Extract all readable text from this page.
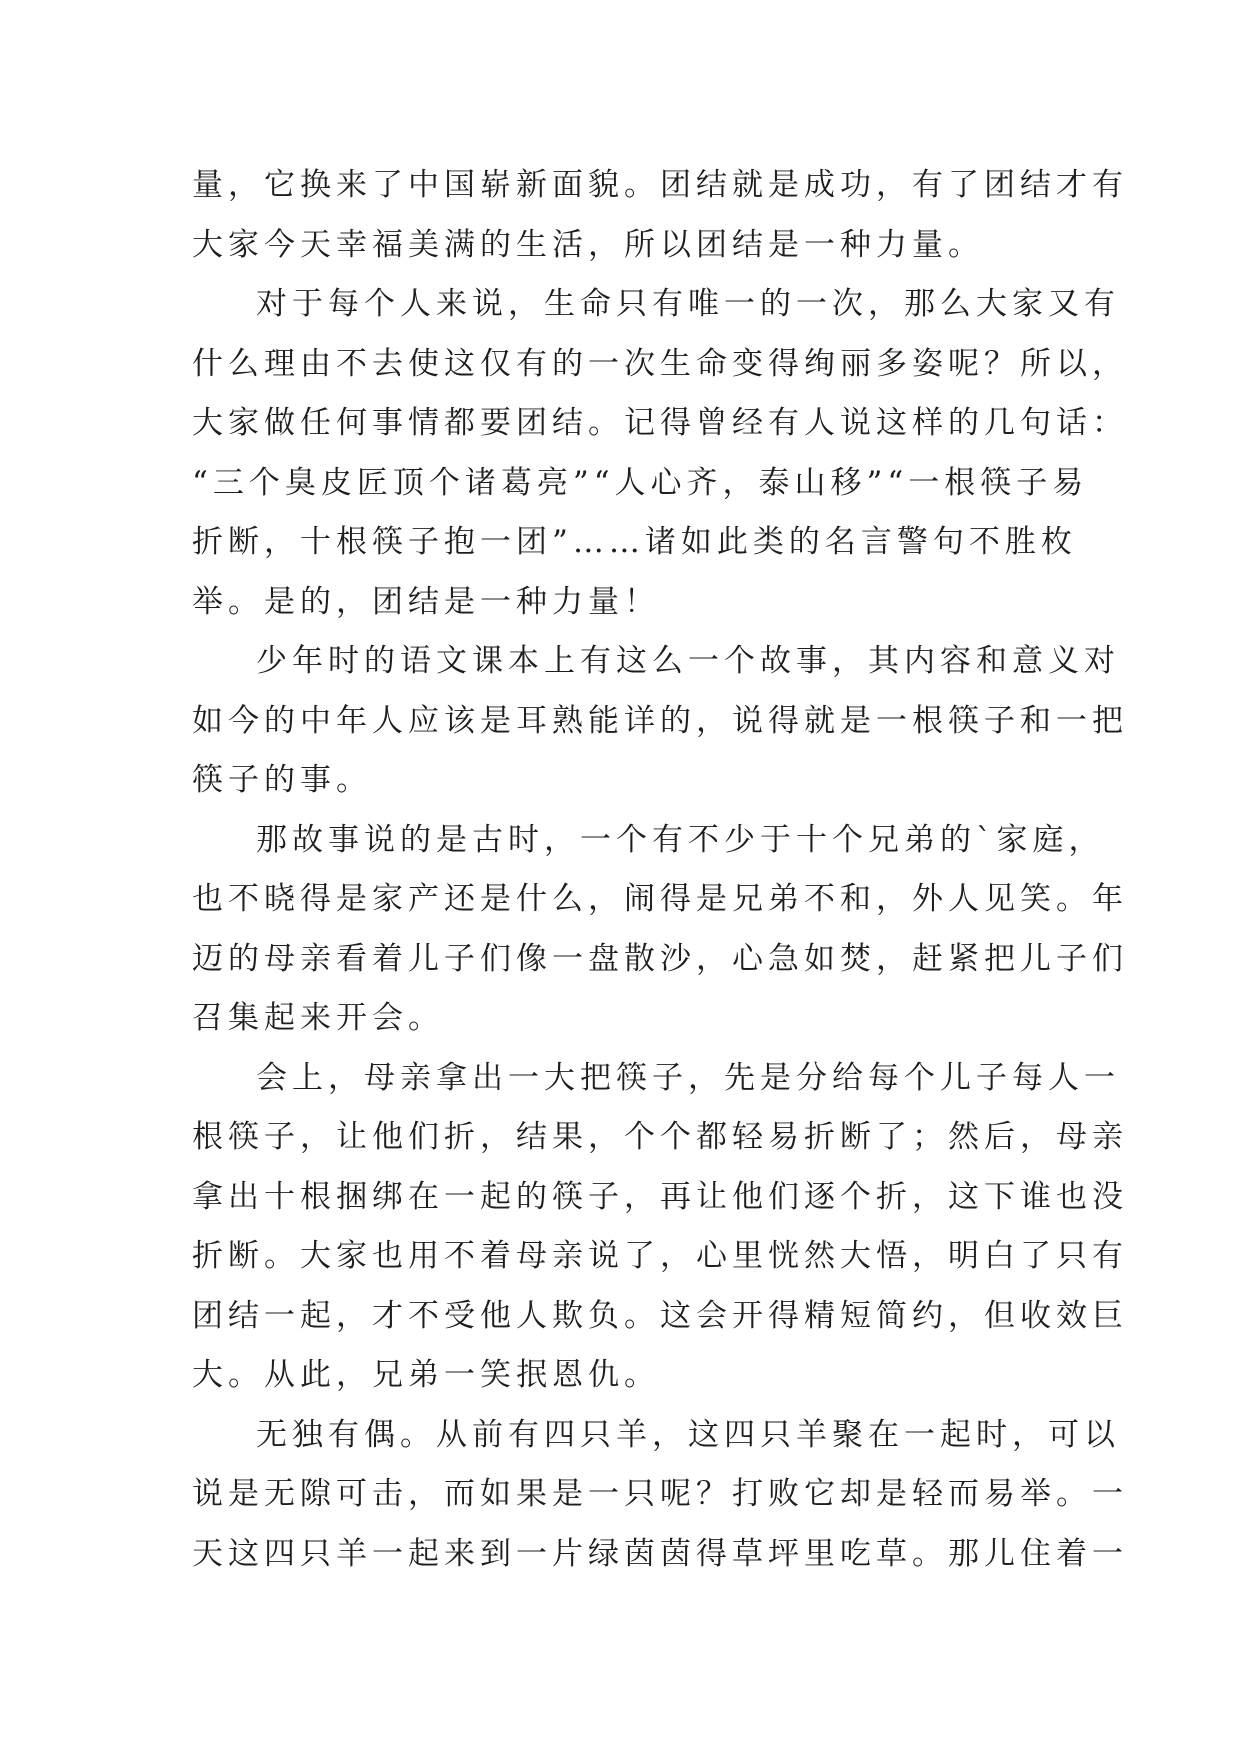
量，它换来了中国崭新面貌。团结就是成功，有了团结才有
大家今天幸福美满的生活，所以团结是一种力量。
对于每个人来说，生命只有唯一的一次，那么大家又有
什么理由不去使这仅有的一次生命变得绚丽多姿呢？所以，
大家做任何事情都要团结。记得曾经有人说这样的几句话：
“三个臭皮匠顶个诸葛亮”“人心齐，泰山移”“一根筷子易
折断，十根筷子抱一团”……诸如此类的名言警句不胜枚
举。是的，团结是一种力量！
少年时的语文课本上有这么一个故事，其内容和意义对
如今的中年人应该是耳熟能详的，说得就是一根筷子和一把
筷子的事。
那故事说的是古时，一个有不少于十个兄弟的`家庭，
也不晓得是家产还是什么，闹得是兄弟不和，外人见笑。年
迈的母亲看着儿子们像一盘散沙，心急如焚，赶紧把儿子们
召集起来开会。
会上，母亲拿出一大把筷子，先是分给每个儿子每人一
根筷子，让他们折，结果，个个都轻易折断了；然后，母亲
拿出十根捆绑在一起的筷子，再让他们逐个折，这下谁也没
折断。大家也用不着母亲说了，心里恍然大悟，明白了只有
团结一起，才不受他人欺负。这会开得精短简约，但收效巨
大。从此，兄弟一笑抿恩仇。
无独有偶。从前有四只羊，这四只羊聚在一起时，可以
说是无隙可击，而如果是一只呢？打败它却是轻而易举。一
天这四只羊一起来到一片绿茵茵得草坪里吃草。那儿住着一
